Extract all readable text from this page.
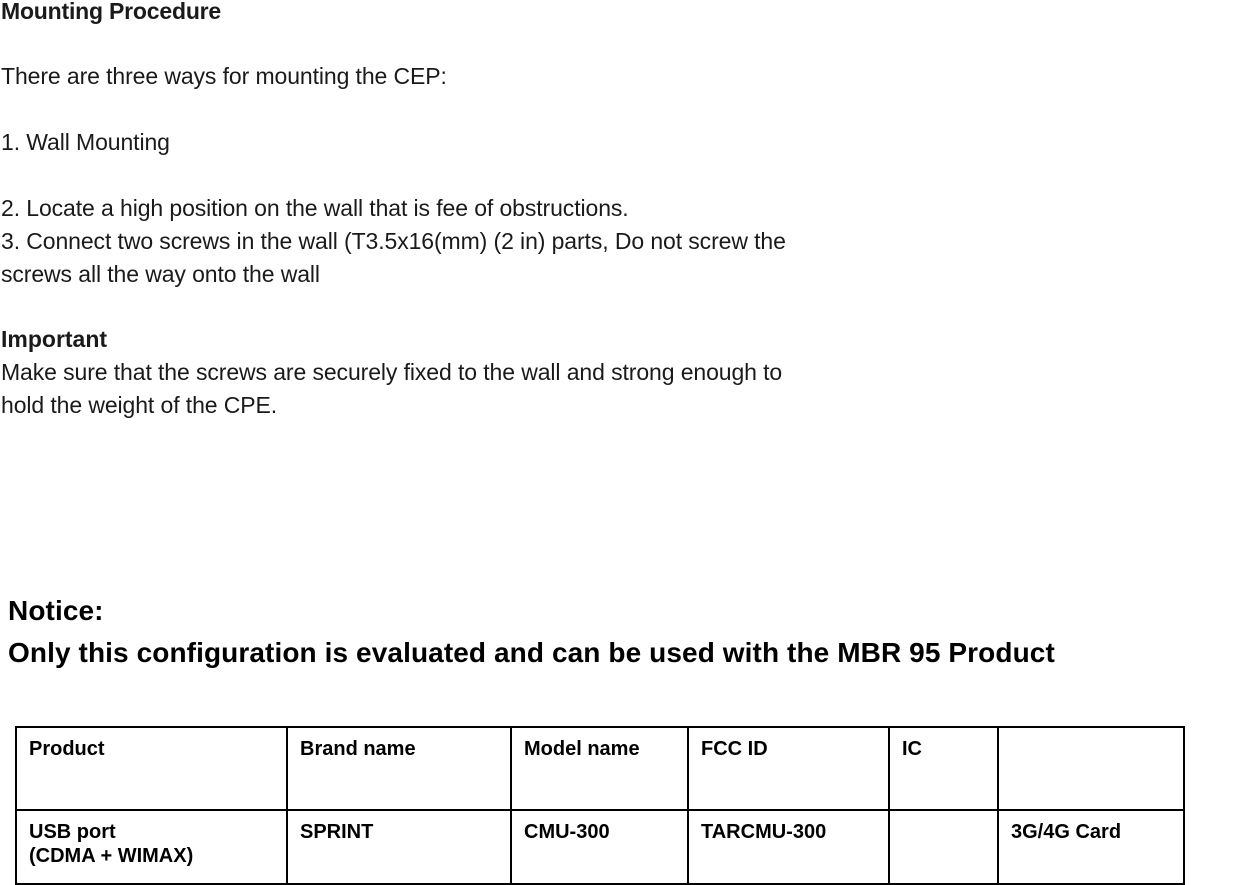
Mounting Procedure
There are three ways for mounting the CEP:
1. Wall Mounting
2. Locate a high position on the wall that is fee of obstructions.
3. Connect two screws in the wall (T3.5x16(mm) (2 in) parts, Do not screw the
screws all the way onto the wall
Important
Make sure that the screws are securely fixed to the wall and strong enough to
hold the weight of the CPE.
Notice:
Only this configuration is evaluated and can be used with the MBR 95 Product
Product	Brand name	Model name	FCC ID	IC	
USB port
(CDMA + WIMAX)	SPRINT	CMU-300	TARCMU-300		3G/4G Card
